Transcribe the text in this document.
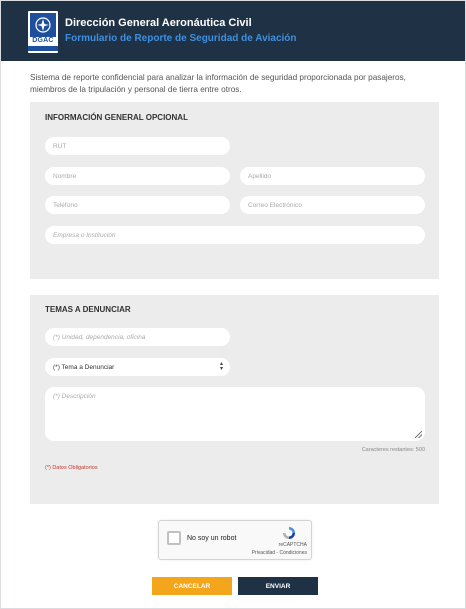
DGAC
Dirección General Aeronáutica Civil
Formulario de Reporte de Seguridad de Aviación
Sistema de reporte confidencial para analizar la información de seguridad proporcionada por pasajeros, miembros de la tripulación y personal de tierra entre otros.
INFORMACIÓN GENERAL OPCIONAL
RUT
Nombre	Apellido
Teléfono	Correo Electrónico
Empresa o Institución
TEMAS A DENUNCIAR
(*) Unidad, dependencia, oficina
(*) Tema a Denunciar	▴
▾
(*) Descripción
Caracteres restantes: 500
(*) Datos Obligatorios
No soy un robot
reCAPTCHA
Privacidad - Condiciones
CANCELAR	ENVIAR
